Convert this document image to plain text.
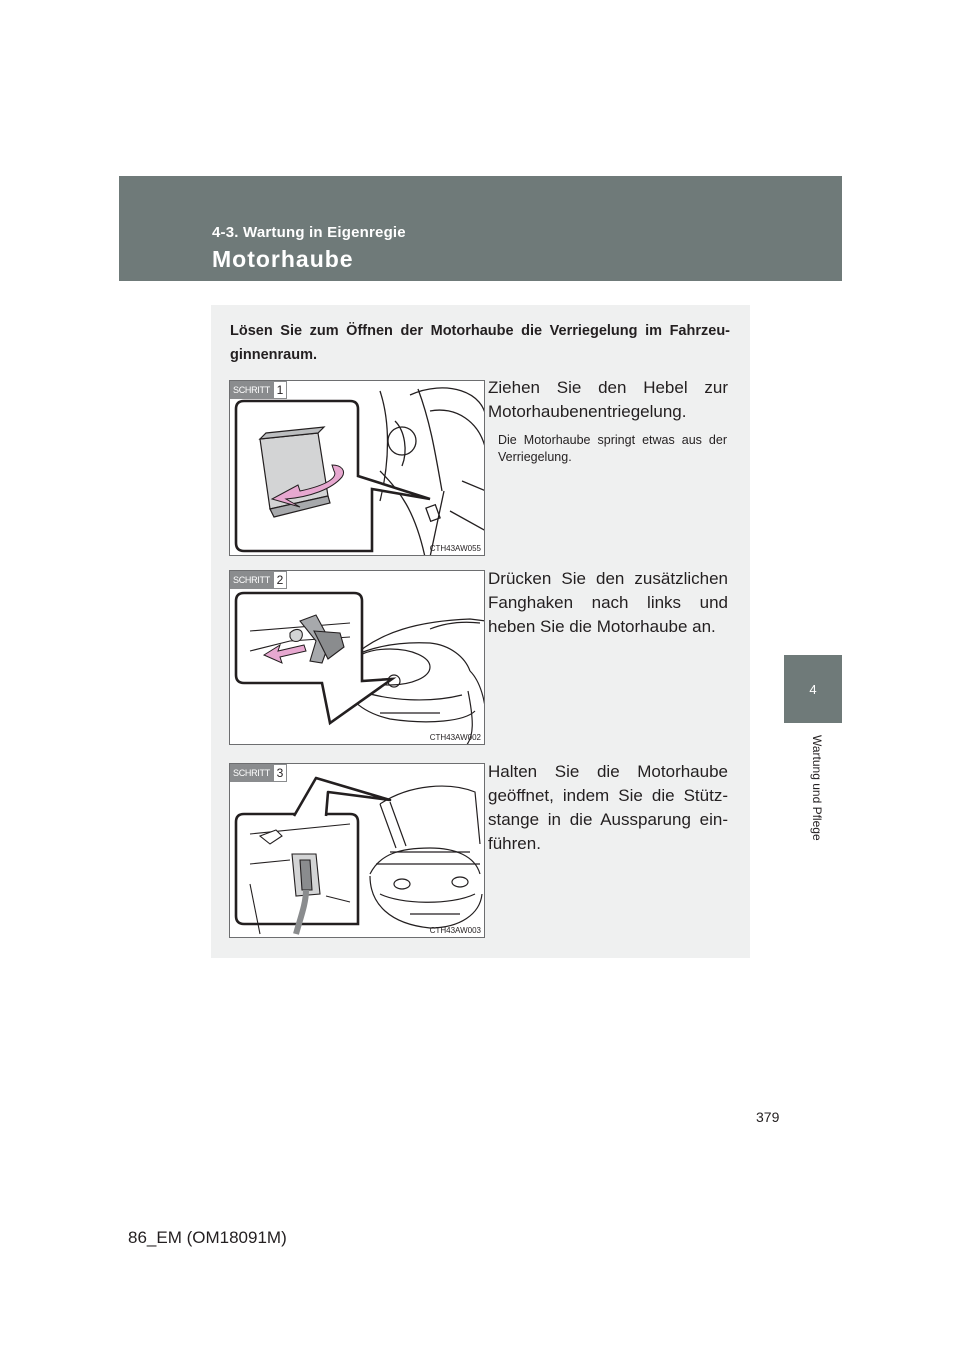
4-3. Wartung in Eigenregie
Motorhaube
4
Wartung und Pflege
Lösen Sie zum Öffnen der Motorhaube die Verriegelung im Fahrzeu-ginnenraum.
SCHRITT 1
CTH43AW055
Ziehen Sie den Hebel zur Motorhaubenentriegelung.
Die Motorhaube springt etwas aus der Verriegelung.
SCHRITT 2
CTH43AW002
Drücken Sie den zusätzlichen Fanghaken nach links und heben Sie die Motorhaube an.
SCHRITT 3
CTH43AW003
Halten Sie die Motorhaube geöffnet, indem Sie die Stütz-stange in die Aussparung ein-führen.
379
86_EM (OM18091M)
